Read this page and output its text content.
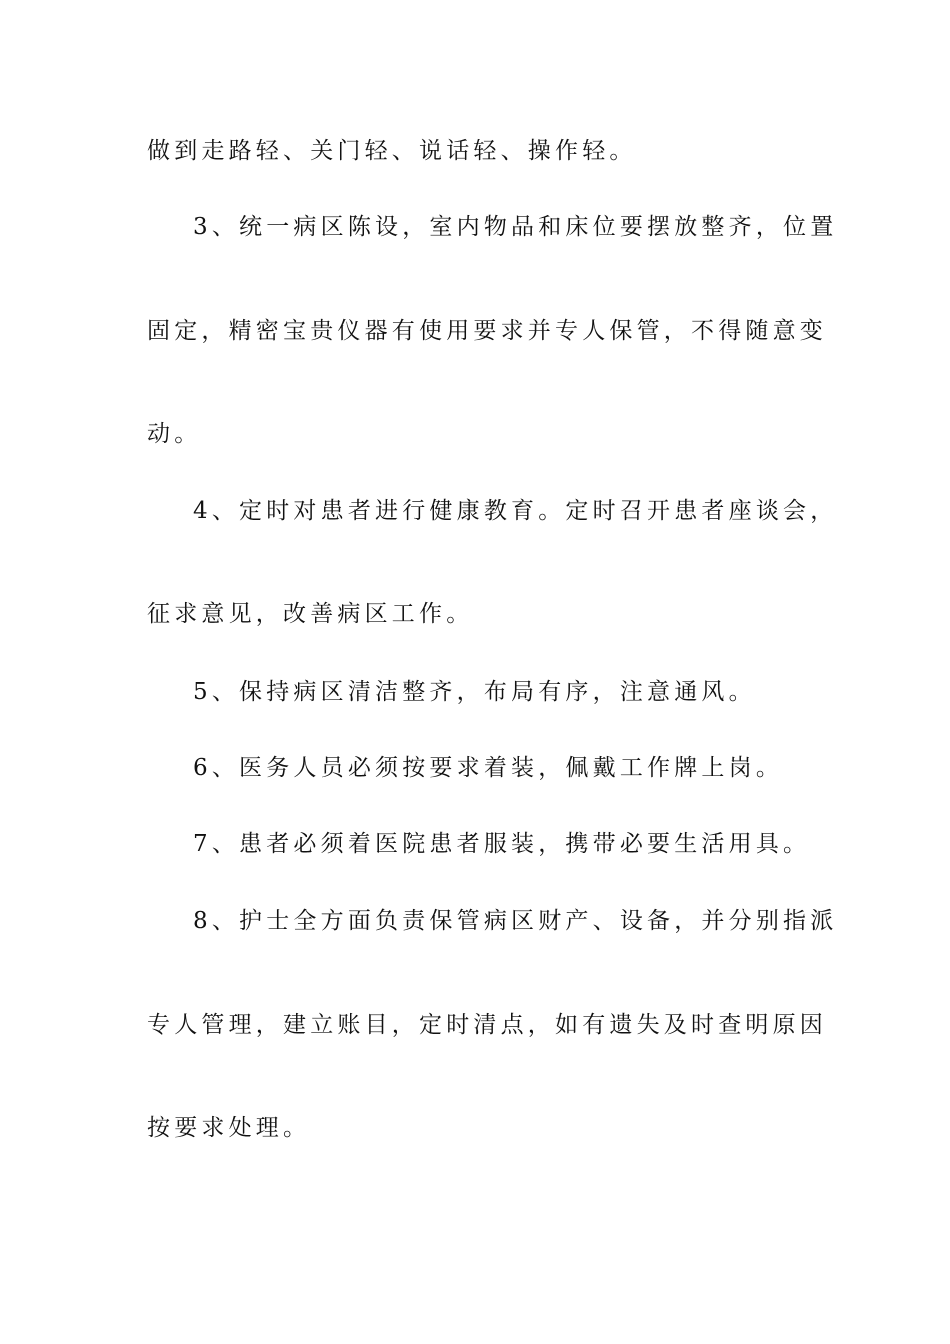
做到走路轻、关门轻、说话轻、操作轻。
3、统一病区陈设，室内物品和床位要摆放整齐，位置
固定，精密宝贵仪器有使用要求并专人保管，不得随意变
动。
4、定时对患者进行健康教育。定时召开患者座谈会，
征求意见，改善病区工作。
5、保持病区清洁整齐，布局有序，注意通风。
6、医务人员必须按要求着装，佩戴工作牌上岗。
7、患者必须着医院患者服装，携带必要生活用具。
8、护士全方面负责保管病区财产、设备，并分别指派
专人管理，建立账目，定时清点，如有遗失及时查明原因
按要求处理。
